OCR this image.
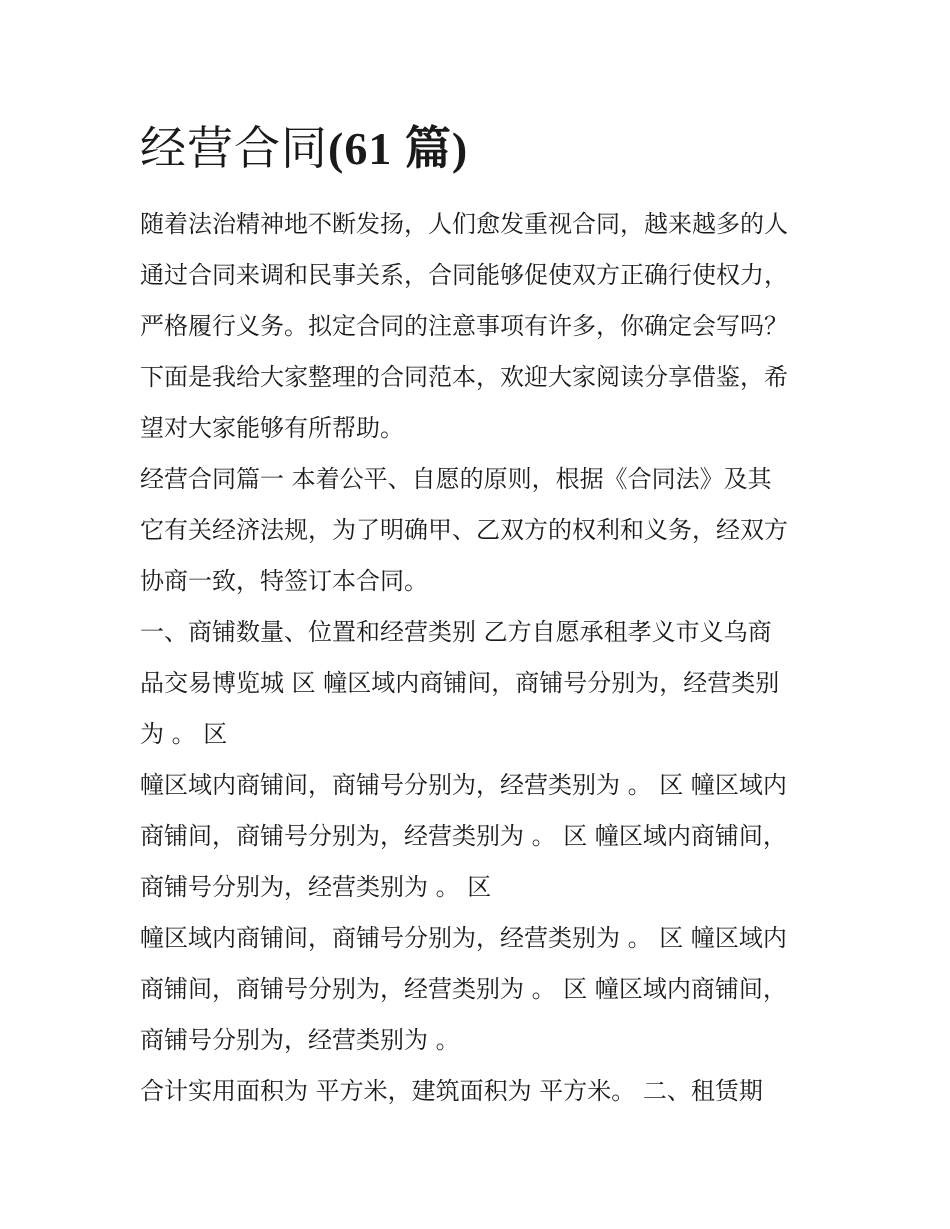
经营合同(61 篇)

随着法治精神地不断发扬，人们愈发重视合同，越来越多的人
通过合同来调和民事关系，合同能够促使双方正确行使权力，
严格履行义务。拟定合同的注意事项有许多，你确定会写吗？
下面是我给大家整理的合同范本，欢迎大家阅读分享借鉴，希
望对大家能够有所帮助。

经营合同篇一 本着公平、自愿的原则，根据《合同法》及其
它有关经济法规，为了明确甲、乙双方的权利和义务，经双方
协商一致，特签订本合同。

一、商铺数量、位置和经营类别 乙方自愿承租孝义市义乌商
品交易博览城 区 幢区域内商铺间，商铺号分别为，经营类别
为 。 区

幢区域内商铺间，商铺号分别为，经营类别为 。 区 幢区域内
商铺间，商铺号分别为，经营类别为 。 区 幢区域内商铺间，
商铺号分别为，经营类别为 。 区

幢区域内商铺间，商铺号分别为，经营类别为 。 区 幢区域内
商铺间，商铺号分别为，经营类别为 。 区 幢区域内商铺间，
商铺号分别为，经营类别为 。

合计实用面积为 平方米，建筑面积为 平方米。 二、租赁期
